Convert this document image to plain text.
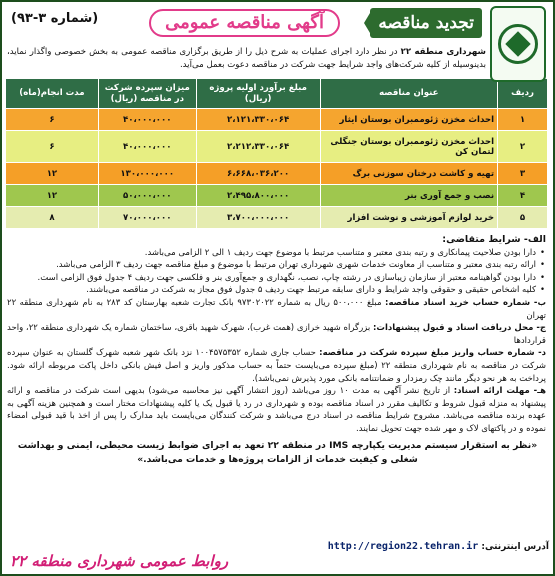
تجدید مناقصه
آگهی مناقصه عمومی
(شماره ۳-۹۳)

شهرداری منطقه ۲۲ در نظر دارد اجرای عملیات به شرح ذیل را از طریق برگزاری مناقصه عمومی به بخش خصوصی واگذار نماید، بدینوسیله از کلیه شرکت‌های واجد شرایط جهت شرکت در مناقصه دعوت بعمل می‌آید.

ردیف	عنوان مناقصه	مبلغ برآورد اولیه پروژه (ریال)	میزان سپرده شرکت در مناقصه (ریال)	مدت انجام(ماه)
۱	احداث مخزن ژئوممبران بوستان ایثار	۲،۱۲۱،۳۳۰،۰۶۴	۴۰،۰۰۰،۰۰۰	۶
۲	احداث مخزن ژئوممبران بوستان جنگلی لتمان کن	۲،۲۱۲،۳۳۰،۰۶۴	۴۰،۰۰۰،۰۰۰	۶
۳	تهیه و کاشت درختان سوزنی برگ	۶،۶۶۸،۰۳۶،۲۰۰	۱۳۰،۰۰۰،۰۰۰	۱۲
۴	نصب و جمع آوری بنر	۲،۴۹۵،۸۰۰،۰۰۰	۵۰،۰۰۰،۰۰۰	۱۲
۵	خرید لوازم آموزشی و نوشت افزار	۳،۷۰۰،۰۰۰،۰۰۰	۷۰،۰۰۰،۰۰۰	۸
الف- شرایط متقاضی:
• دارا بودن صلاحیت پیمانکاری و رتبه بندی معتبر و متناسب مرتبط با موضوع جهت ردیف ۱ الی ۲ الزامی می‌باشد.
• ارائه رتبه بندی معتبر و متناسب از معاونت خدمات شهری شهرداری تهران مرتبط با موضوع و مبلغ مناقصه جهت ردیف ۳ الزامی می‌باشد.
• دارا بودن گواهینامه معتبر از سازمان زیباسازی در رشته چاپ، نصب، نگهداری و جمع‌آوری بنر و فلکسی جهت ردیف ۴ جدول فوق الزامی است.
• کلیه اشخاص حقیقی و حقوقی واجد شرایط و دارای سابقه مرتبط جهت ردیف ۵ جدول فوق مجاز به شرکت در مناقصه می‌باشند.
ب- شماره حساب خرید اسناد مناقصه: مبلغ ۵۰۰،۰۰۰ ریال به شماره ۹۷۳۰۲۰۲۲ بانک تجارت شعبه بهارستان کد ۲۸۳ به نام شهرداری منطقه ۲۲ تهران
ج- محل دریافت اسناد و قبول پیشنهادات: بزرگراه شهید خرازی (همت غرب)، شهرک شهید باقری، ساختمان شماره یک شهرداری منطقه ۲۲، واحد قراردادها
د- شماره حساب واریز مبلغ سپرده شرکت در مناقصه: حساب جاری شماره ۱۰۰۴۵۷۵۳۵۲ نزد بانک شهر شعبه شهرک گلستان به عنوان سپرده شرکت در مناقصه به نام شهرداری منطقه ۲۲ (مبلغ سپرده می‌بایست حتماً به حساب مذکور واریز و اصل فیش بانکی داخل پاکت مربوطه ارائه شود. پرداخت به هر نحو دیگر مانند چک رمزدار و ضمانتنامه بانکی مورد پذیرش نمی‌باشد).
هـ- مهلت ارائه اسناد: از تاریخ نشر آگهی به مدت ۱۰ روز می‌باشد (روز انتشار آگهی نیز محاسبه می‌شود) بدیهی است شرکت در مناقصه و ارائه پیشنهاد به منزله قبول شروط و تکالیف مقرر در اسناد مناقصه بوده و شهرداری در رد یا قبول یک یا کلیه پیشنهادات مختار است و همچنین هزینه آگهی به عهده برنده مناقصه می‌باشد. مشروح شرایط مناقصه در اسناد درج می‌باشد و شرکت کنندگان می‌بایست باید مدارک را پس از اخذ با قید قبولی امضاء نموده و در پاکتهای لاک و مهر شده جهت تحویل نمایند.
«نظر به استقرار سیستم مدیریت یکپارچه IMS در منطقه ۲۲ تعهد به اجرای ضوابط زیست محیطی، ایمنی و بهداشت شغلی و کیفیت خدمات از الزامات پروژه‌ها و خدمات می‌باشد.»
آدرس اینترنتی: http://region22.tehran.ir
روابط عمومی شهرداری منطقه ۲۲
